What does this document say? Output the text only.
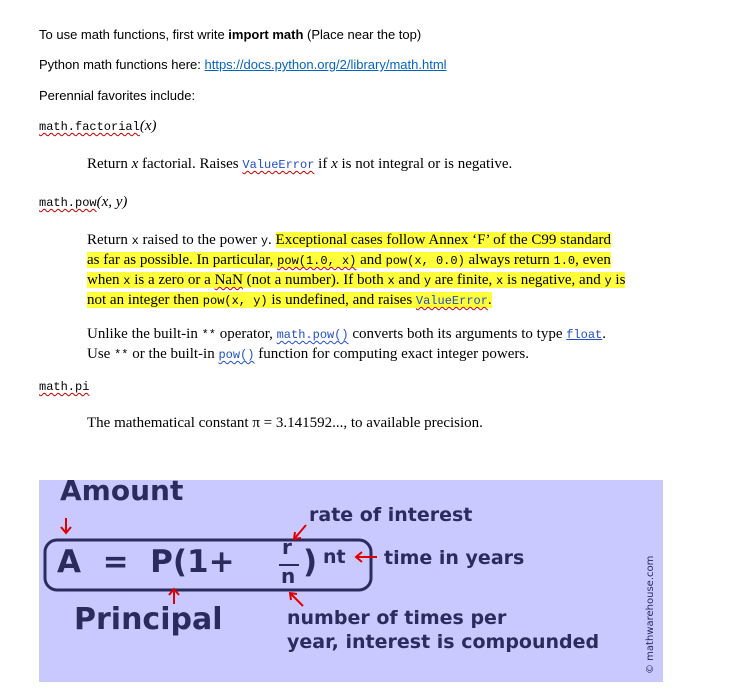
To use math functions, first write import math (Place near the top)
Python math functions here: https://docs.python.org/2/library/math.html
Perennial favorites include:
math.factorial(x)
Return x factorial. Raises ValueError if x is not integral or is negative.
math.pow(x, y)
Return x raised to the power y. Exceptional cases follow Annex ‘F’ of the C99 standard
as far as possible. In particular, pow(1.0, x) and pow(x, 0.0) always return 1.0, even
when x is a zero or a NaN (not a number). If both x and y are finite, x is negative, and y is
not an integer then pow(x, y) is undefined, and raises ValueError.
Unlike the built-in ** operator, math.pow() converts both its arguments to type float.
Use ** or the built-in pow() function for computing exact integer powers.
math.pi
The mathematical constant π = 3.141592..., to available precision.
Amount
rate of interest
A  =  P(1+ r
n ) nt time in years
Principal	number of times per
year, interest is compounded	© mathwarehouse.com
